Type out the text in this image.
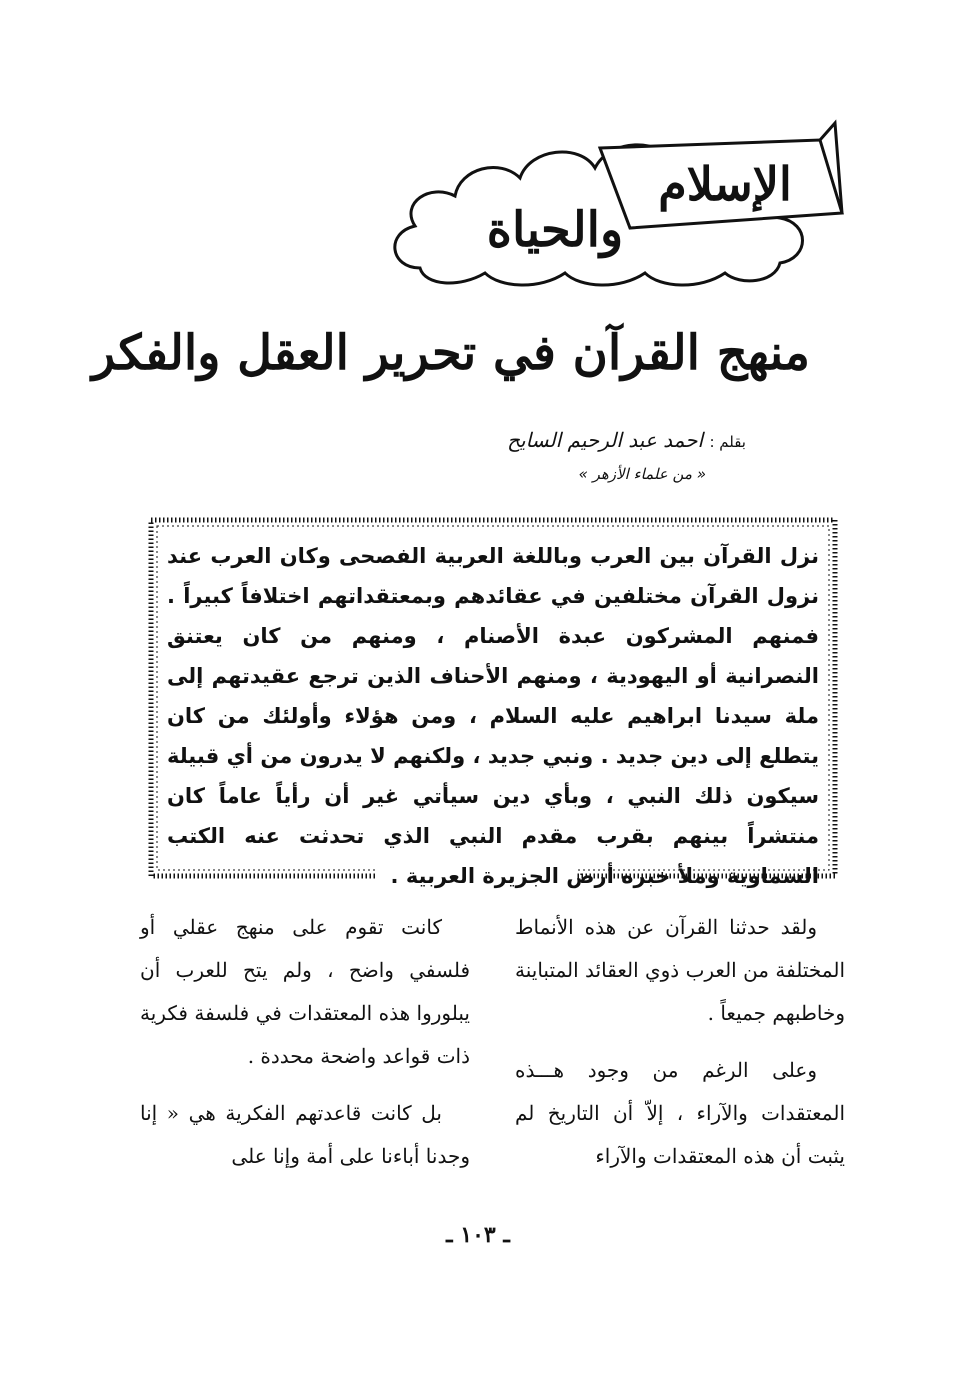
الإسلام
والحياة
منهج القرآن في تحرير العقل والفكر
بقلم : احمد عبد الرحيم السايح
« من علماء الأزهر »
نزل القرآن بين العرب وباللغة العربية الفصحى وكان العرب عند نزول القرآن مختلفين في عقائدهم وبمعتقداتهم اختلافاً كبيراً . فمنهم المشركون عبدة الأصنام ، ومنهم من كان يعتنق النصرانية أو اليهودية ، ومنهم الأحناف الذين ترجع عقيدتهم إلى ملة سيدنا ابراهيم عليه السلام ، ومن هؤلاء وأولئك من كان يتطلع إلى دين جديد . ونبي جديد ، ولكنهم لا يدرون من أي قبيلة سيكون ذلك النبي ، وبأي دين سيأتي غير أن رأياً عاماً كان منتشراً بينهم بقرب مقدم النبي الذي تحدثت عنه الكتب السماوية وملأ خبره أرض الجزيرة العربية .

ولقد حدثنا القرآن عن هذه الأنماط المختلفة من العرب ذوي العقائد المتباينة وخاطبهم جميعاً .

وعلى الرغم من وجود هـــذه المعتقدات والآراء ، إلاّ أن التاريخ لم يثبت أن هذه المعتقدات والآراء

كانت تقوم على منهج عقلي أو فلسفي واضح ، ولم يتح للعرب أن يبلوروا هذه المعتقدات في فلسفة فكرية ذات قواعد واضحة محددة .

بل كانت قاعدتهم الفكرية هي « إنا وجدنا أباءنا على أمة وإنا على

ـ ١٠٣ ـ
